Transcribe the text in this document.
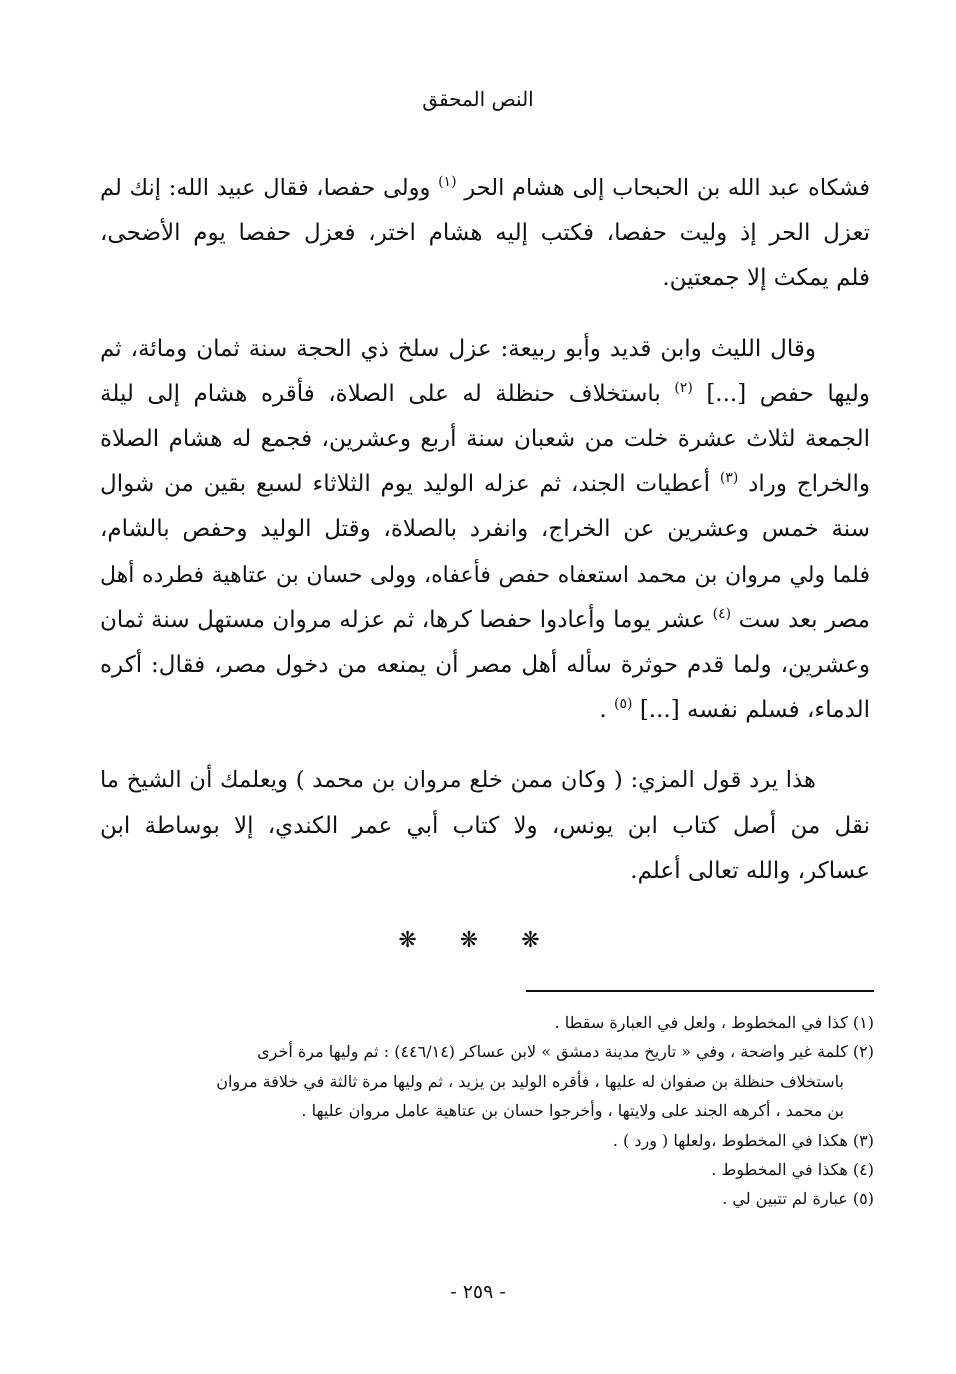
النص المحقق

فشكاه عبد الله بن الحبحاب إلى هشام الحر $^{(١)}$ وولى حفصا، فقال عبيد الله: إنك لم
تعزل الحر إذ وليت حفصا، فكتب إليه هشام اختر، فعزل حفصا يوم الأضحى،
فلم يمكث إلا جمعتين.

وقال الليث وابن قديد وأبو ربيعة: عزل سلخ ذي الحجة سنة ثمان ومائة، ثم
وليها حفص [...] $^{(٢)}$ باستخلاف حنظلة له على الصلاة، فأقره هشام إلى ليلة
الجمعة لثلاث عشرة خلت من شعبان سنة أربع وعشرين، فجمع له هشام الصلاة
والخراج وراد $^{(٣)}$ أعطيات الجند، ثم عزله الوليد يوم الثلاثاء لسبع بقين من شوال
سنة خمس وعشرين عن الخراج، وانفرد بالصلاة، وقتل الوليد وحفص بالشام،
فلما ولي مروان بن محمد استعفاه حفص فأعفاه، وولى حسان بن عتاهية فطرده أهل
مصر بعد ست $^{(٤)}$ عشر يوما وأعادوا حفصا كرها، ثم عزله مروان مستهل سنة ثمان
وعشرين، ولما قدم حوثرة سأله أهل مصر أن يمنعه من دخول مصر، فقال: أكره
الدماء، فسلم نفسه [...] $^{(٥)}$ .

هذا يرد قول المزي: ( وكان ممن خلع مروان بن محمد ) ويعلمك أن الشيخ ما
نقل من أصل كتاب ابن يونس، ولا كتاب أبي عمر الكندي، إلا بوساطة ابن
عساكر، والله تعالى أعلم.

❋ ❋ ❋
(١) كذا في المخطوط ، ولعل في العبارة سقطا .
(٢) كلمة غير واضحة ، وفي « تاريخ مدينة دمشق » لابن عساكر (٤٤٦/١٤) : ثم وليها مرة أخرى
باستخلاف حنظلة بن صفوان له عليها ، فأقره الوليد بن يزيد ، ثم وليها مرة ثالثة في خلافة مروان
بن محمد ، أكرهه الجند على ولايتها ، وأخرجوا حسان بن عتاهية عامل مروان عليها .
(٣) هكذا في المخطوط ،ولعلها ( ورد ) .
(٤) هكذا في المخطوط .
(٥) عبارة لم تتبين لي .
- ٢٥٩ -
